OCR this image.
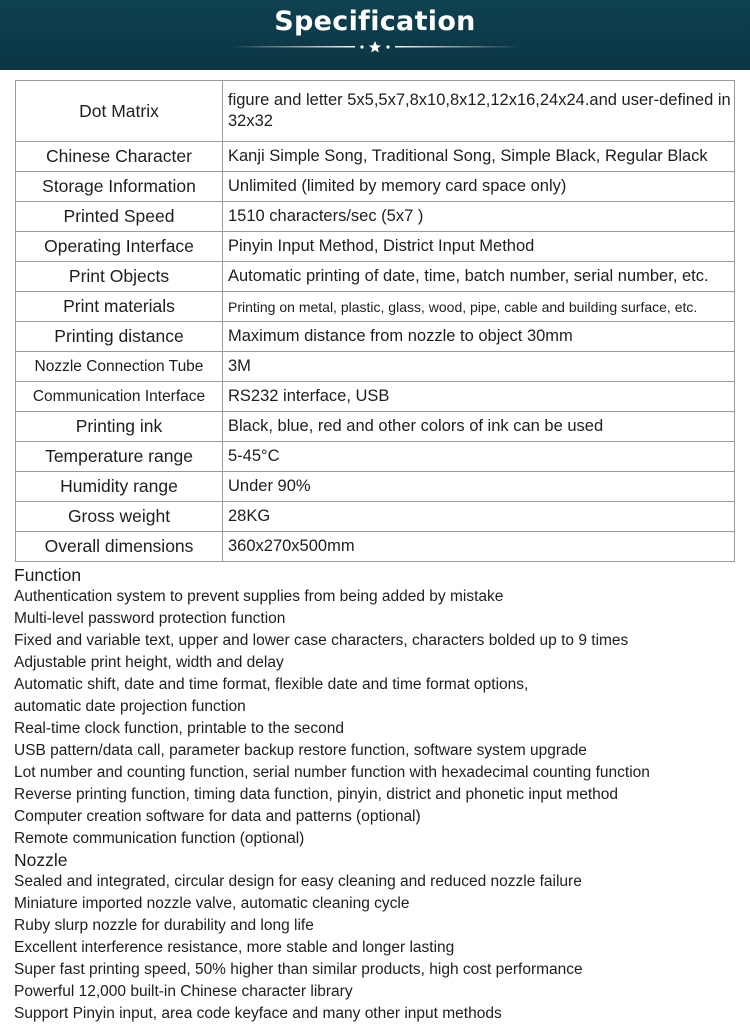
Specification
Dot Matrix	figure and letter 5x5,5x7,8x10,8x12,12x16,24x24.and user-defined in 32x32
Chinese Character	Kanji Simple Song, Traditional Song, Simple Black, Regular Black
Storage Information	Unlimited (limited by memory card space only)
Printed Speed	1510 characters/sec (5x7 )
Operating Interface	Pinyin Input Method, District Input Method
Print Objects	Automatic printing of date, time, batch number, serial number, etc.
Print materials	Printing on metal, plastic, glass, wood, pipe, cable and building surface, etc.
Printing distance	Maximum distance from nozzle to object 30mm
Nozzle Connection Tube	3M
Communication Interface	RS232 interface, USB
Printing ink	Black, blue, red and other colors of ink can be used
Temperature range	5-45°C
Humidity range	Under 90%
Gross weight	28KG
Overall dimensions	360x270x500mm
Function
Authentication system to prevent supplies from being added by mistake
Multi-level password protection function
Fixed and variable text, upper and lower case characters, characters bolded up to 9 times
Adjustable print height, width and delay
Automatic shift, date and time format, flexible date and time format options,
automatic date projection function
Real-time clock function, printable to the second
USB pattern/data call, parameter backup restore function, software system upgrade
Lot number and counting function, serial number function with hexadecimal counting function
Reverse printing function, timing data function, pinyin, district and phonetic input method
Computer creation software for data and patterns (optional)
Remote communication function (optional)
Nozzle
Sealed and integrated, circular design for easy cleaning and reduced nozzle failure
Miniature imported nozzle valve, automatic cleaning cycle
Ruby slurp nozzle for durability and long life
Excellent interference resistance, more stable and longer lasting
Super fast printing speed, 50% higher than similar products, high cost performance
Powerful 12,000 built-in Chinese character library
Support Pinyin input, area code keyface and many other input methods
